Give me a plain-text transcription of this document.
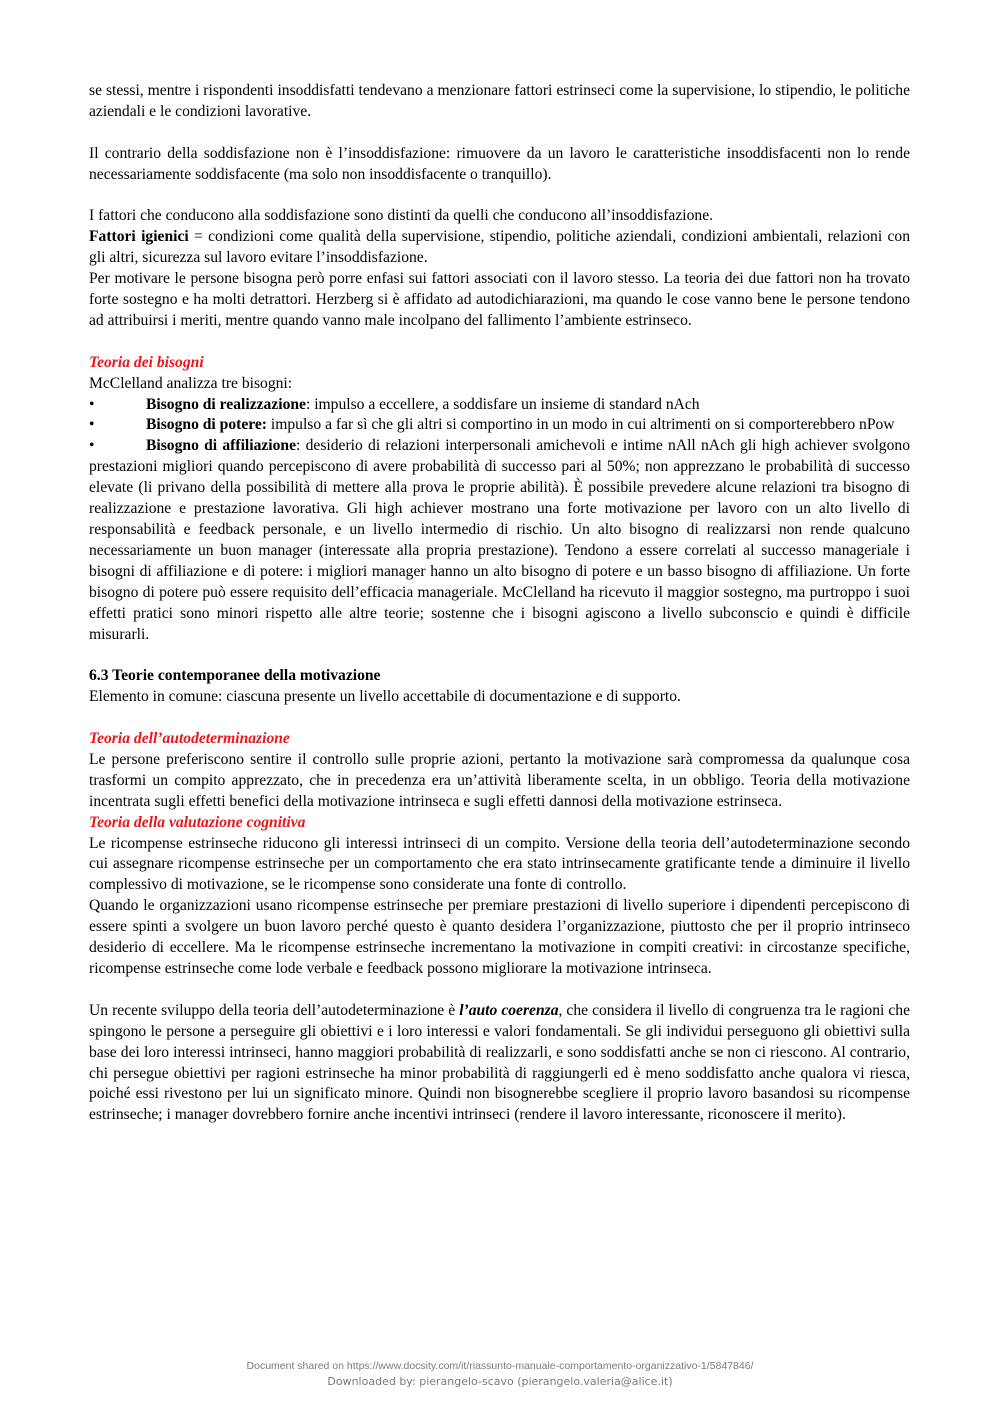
se stessi, mentre i rispondenti insoddisfatti tendevano a menzionare fattori estrinseci come la supervisione, lo stipendio, le politiche aziendali e le condizioni lavorative.

Il contrario della soddisfazione non è l’insoddisfazione: rimuovere da un lavoro le caratteristiche insoddisfacenti non lo rende necessariamente soddisfacente (ma solo non insoddisfacente o tranquillo).

I fattori che conducono alla soddisfazione sono distinti da quelli che conducono all’insoddisfazione.

Fattori igienici = condizioni come qualità della supervisione, stipendio, politiche aziendali, condizioni ambientali, relazioni con gli altri, sicurezza sul lavoro evitare l’insoddisfazione.

Per motivare le persone bisogna però porre enfasi sui fattori associati con il lavoro stesso. La teoria dei due fattori non ha trovato forte sostegno e ha molti detrattori. Herzberg si è affidato ad autodichiarazioni, ma quando le cose vanno bene le persone tendono ad attribuirsi i meriti, mentre quando vanno male incolpano del fallimento l’ambiente estrinseco.

Teoria dei bisogni

McClelland analizza tre bisogni:

•	Bisogno di realizzazione: impulso a eccellere, a soddisfare un insieme di standard nAch

•	Bisogno di potere: impulso a far sì che gli altri si comportino in un modo in cui altrimenti on si comporterebbero nPow

•	Bisogno di affiliazione: desiderio di relazioni interpersonali amichevoli e intime nAll nAch gli high achiever svolgono prestazioni migliori quando percepiscono di avere probabilità di successo pari al 50%; non apprezzano le probabilità di successo elevate (li privano della possibilità di mettere alla prova le proprie abilità). È possibile prevedere alcune relazioni tra bisogno di realizzazione e prestazione lavorativa. Gli high achiever mostrano una forte motivazione per lavoro con un alto livello di responsabilità e feedback personale, e un livello intermedio di rischio. Un alto bisogno di realizzarsi non rende qualcuno necessariamente un buon manager (interessate alla propria prestazione). Tendono a essere correlati al successo manageriale i bisogni di affiliazione e di potere: i migliori manager hanno un alto bisogno di potere e un basso bisogno di affiliazione. Un forte bisogno di potere può essere requisito dell’efficacia manageriale. McClelland ha ricevuto il maggior sostegno, ma purtroppo i suoi effetti pratici sono minori rispetto alle altre teorie; sostenne che i bisogni agiscono a livello subconscio e quindi è difficile misurarli.

6.3 Teorie contemporanee della motivazione

Elemento in comune: ciascuna presente un livello accettabile di documentazione e di supporto.

Teoria dell’autodeterminazione

Le persone preferiscono sentire il controllo sulle proprie azioni, pertanto la motivazione sarà compromessa da qualunque cosa trasformi un compito apprezzato, che in precedenza era un’attività liberamente scelta, in un obbligo. Teoria della motivazione incentrata sugli effetti benefici della motivazione intrinseca e sugli effetti dannosi della motivazione estrinseca.

Teoria della valutazione cognitiva

Le ricompense estrinseche riducono gli interessi intrinseci di un compito. Versione della teoria dell’autodeterminazione secondo cui assegnare ricompense estrinseche per un comportamento che era stato intrinsecamente gratificante tende a diminuire il livello complessivo di motivazione, se le ricompense sono considerate una fonte di controllo.

Quando le organizzazioni usano ricompense estrinseche per premiare prestazioni di livello superiore i dipendenti percepiscono di essere spinti a svolgere un buon lavoro perché questo è quanto desidera l’organizzazione, piuttosto che per il proprio intrinseco desiderio di eccellere. Ma le ricompense estrinseche incrementano la motivazione in compiti creativi: in circostanze specifiche, ricompense estrinseche come lode verbale e feedback possono migliorare la motivazione intrinseca.

Un recente sviluppo della teoria dell’autodeterminazione è l’auto coerenza, che considera il livello di congruenza tra le ragioni che spingono le persone a perseguire gli obiettivi e i loro interessi e valori fondamentali. Se gli individui perseguono gli obiettivi sulla base dei loro interessi intrinseci, hanno maggiori probabilità di realizzarli, e sono soddisfatti anche se non ci riescono. Al contrario, chi persegue obiettivi per ragioni estrinseche ha minor probabilità di raggiungerli ed è meno soddisfatto anche qualora vi riesca, poiché essi rivestono per lui un significato minore. Quindi non bisognerebbe scegliere il proprio lavoro basandosi su ricompense estrinseche; i manager dovrebbero fornire anche incentivi intrinseci (rendere il lavoro interessante, riconoscere il merito).

Document shared on https://www.docsity.com/it/riassunto-manuale-comportamento-organizzativo-1/5847846/
Downloaded by: pierangelo-scavo (pierangelo.valeria@alice.it)
